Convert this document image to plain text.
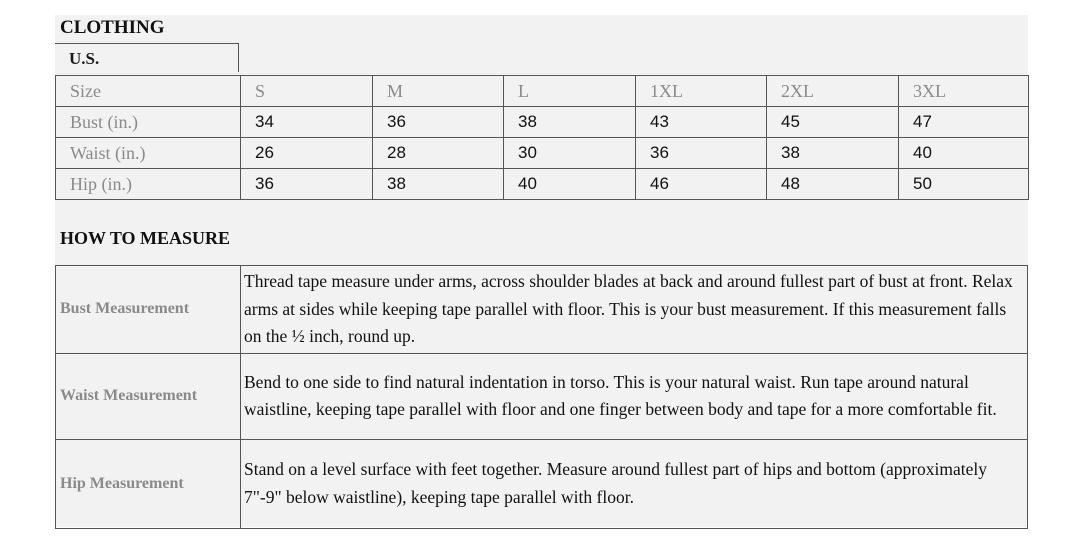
CLOTHING
U.S.
Size	S	M	L	1XL	2XL	3XL
Bust (in.)	34	36	38	43	45	47
Waist (in.)	26	28	30	36	38	40
Hip (in.)	36	38	40	46	48	50
HOW TO MEASURE
Bust Measurement	Thread tape measure under arms, across shoulder blades at back and around fullest part of bust at front. Relax arms at sides while keeping tape parallel with floor. This is your bust measurement. If this measurement falls on the ½ inch, round up.
Waist Measurement	Bend to one side to find natural indentation in torso. This is your natural waist. Run tape around natural waistline, keeping tape parallel with floor and one finger between body and tape for a more comfortable fit.
Hip Measurement	Stand on a level surface with feet together. Measure around fullest part of hips and bottom (approximately 7"-9" below waistline), keeping tape parallel with floor.
